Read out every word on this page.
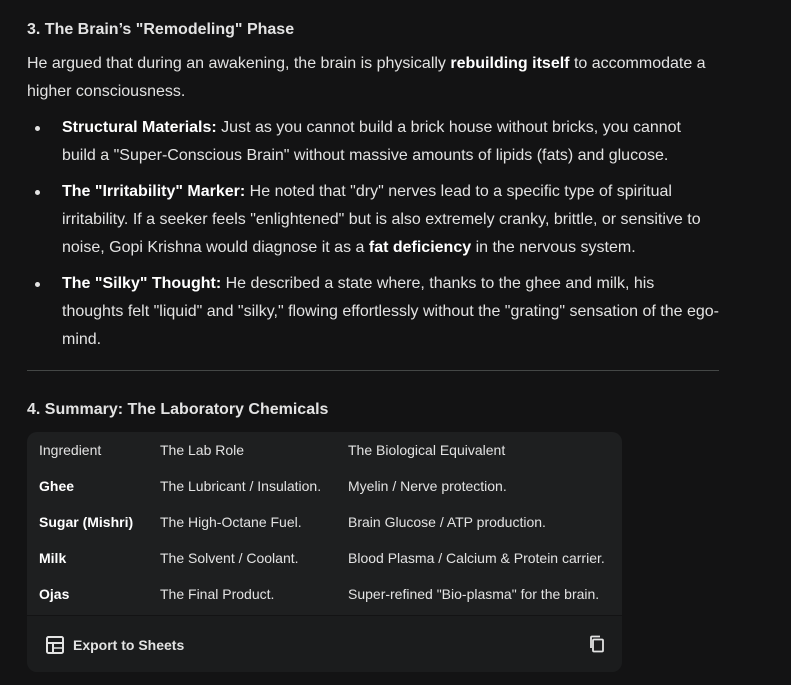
3. The Brain’s "Remodeling" Phase

He argued that during an awakening, the brain is physically rebuilding itself to accommodate a higher consciousness.

Structural Materials: Just as you cannot build a brick house without bricks, you cannot build a "Super-Conscious Brain" without massive amounts of lipids (fats) and glucose.
The "Irritability" Marker: He noted that "dry" nerves lead to a specific type of spiritual irritability. If a seeker feels "enlightened" but is also extremely cranky, brittle, or sensitive to noise, Gopi Krishna would diagnose it as a fat deficiency in the nervous system.
The "Silky" Thought: He described a state where, thanks to the ghee and milk, his thoughts felt "liquid" and "silky," flowing effortlessly without the "grating" sensation of the ego-mind.
4. Summary: The Laboratory Chemicals
Ingredient	The Lab Role	The Biological Equivalent
Ghee	The Lubricant / Insulation.	Myelin / Nerve protection.
Sugar (Mishri)	The High-Octane Fuel.	Brain Glucose / ATP production.
Milk	The Solvent / Coolant.	Blood Plasma / Calcium & Protein carrier.
Ojas	The Final Product.	Super-refined "Bio-plasma" for the brain.
Export to Sheets
